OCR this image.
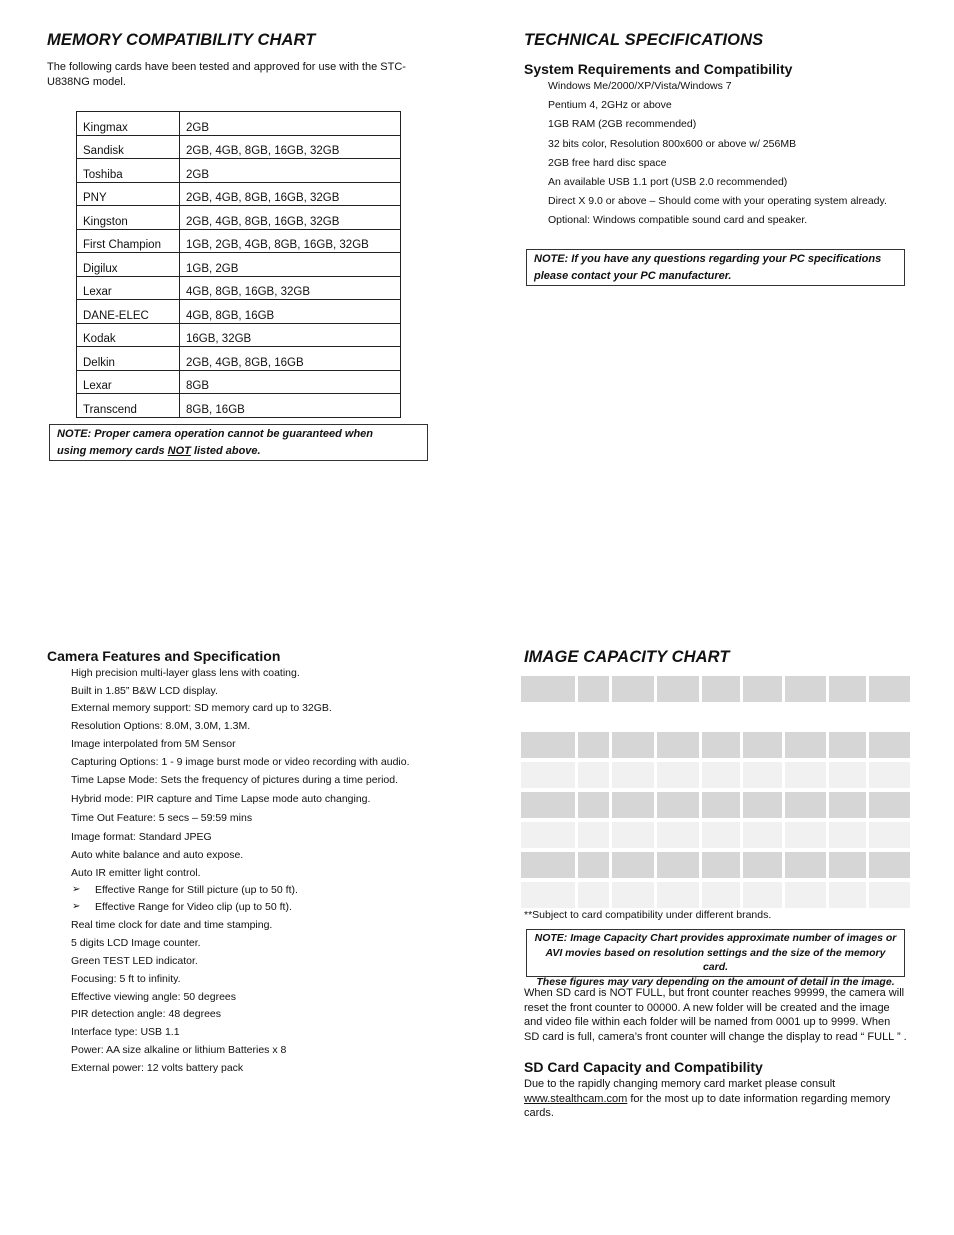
MEMORY COMPATIBILITY CHART
The following cards have been tested and approved for use with the STC-
U838NG model.
Kingmax	2GB
Sandisk	2GB, 4GB, 8GB, 16GB, 32GB
Toshiba	2GB
PNY	2GB, 4GB, 8GB, 16GB, 32GB
Kingston	2GB, 4GB, 8GB, 16GB, 32GB
First Champion	1GB, 2GB, 4GB, 8GB, 16GB, 32GB
Digilux	1GB, 2GB
Lexar	4GB, 8GB, 16GB, 32GB
DANE-ELEC	4GB, 8GB, 16GB
Kodak	16GB, 32GB
Delkin	2GB, 4GB, 8GB, 16GB
Lexar	8GB
Transcend	8GB, 16GB
NOTE: Proper camera operation cannot be guaranteed when
using memory cards NOT listed above.
TECHNICAL SPECIFICATIONS
System Requirements and Compatibility
Windows Me/2000/XP/Vista/Windows 7
Pentium 4, 2GHz or above
1GB RAM (2GB recommended)
32 bits color, Resolution 800x600 or above w/ 256MB
2GB free hard disc space
An available USB 1.1 port (USB 2.0 recommended)
Direct X 9.0 or above – Should come with your operating system already.
Optional: Windows compatible sound card and speaker.
NOTE: If you have any questions regarding your PC specifications
please contact your PC manufacturer.
Camera Features and Specification
High precision multi-layer glass lens with coating.
Built in 1.85” B&W LCD display.
External memory support: SD memory card up to 32GB.
Resolution Options: 8.0M, 3.0M, 1.3M.
Image interpolated from 5M Sensor
Capturing Options: 1 - 9 image burst mode or video recording with audio.
Time Lapse Mode: Sets the frequency of pictures during a time period.
Hybrid mode: PIR capture and Time Lapse mode auto changing.
Time Out Feature: 5 secs – 59:59 mins
Image format: Standard JPEG
Auto white balance and auto expose.
Auto IR emitter light control.
➢ Effective Range for Still picture (up to 50 ft).
➢ Effective Range for Video clip (up to 50 ft).
Real time clock for date and time stamping.
5 digits LCD Image counter.
Green TEST LED indicator.
Focusing: 5 ft to infinity.
Effective viewing angle: 50 degrees
PIR detection angle: 48 degrees
Interface type: USB 1.1
Power: AA size alkaline or lithium Batteries x 8
External power: 12 volts battery pack
IMAGE CAPACITY CHART
**Subject to card compatibility under different brands.
NOTE: Image Capacity Chart provides approximate number of images or
AVI movies based on resolution settings and the size of the memory card.
These figures may vary depending on the amount of detail in the image.
When SD card is NOT FULL, but front counter reaches 99999, the camera will
reset the front counter to 00000. A new folder will be created and the image
and video file within each folder will be named from 0001 up to 9999. When
SD card is full, camera’s front counter will change the display to read “ FULL ” .
SD Card Capacity and Compatibility
Due to the rapidly changing memory card market please consult
www.stealthcam.com for the most up to date information regarding memory
cards.
